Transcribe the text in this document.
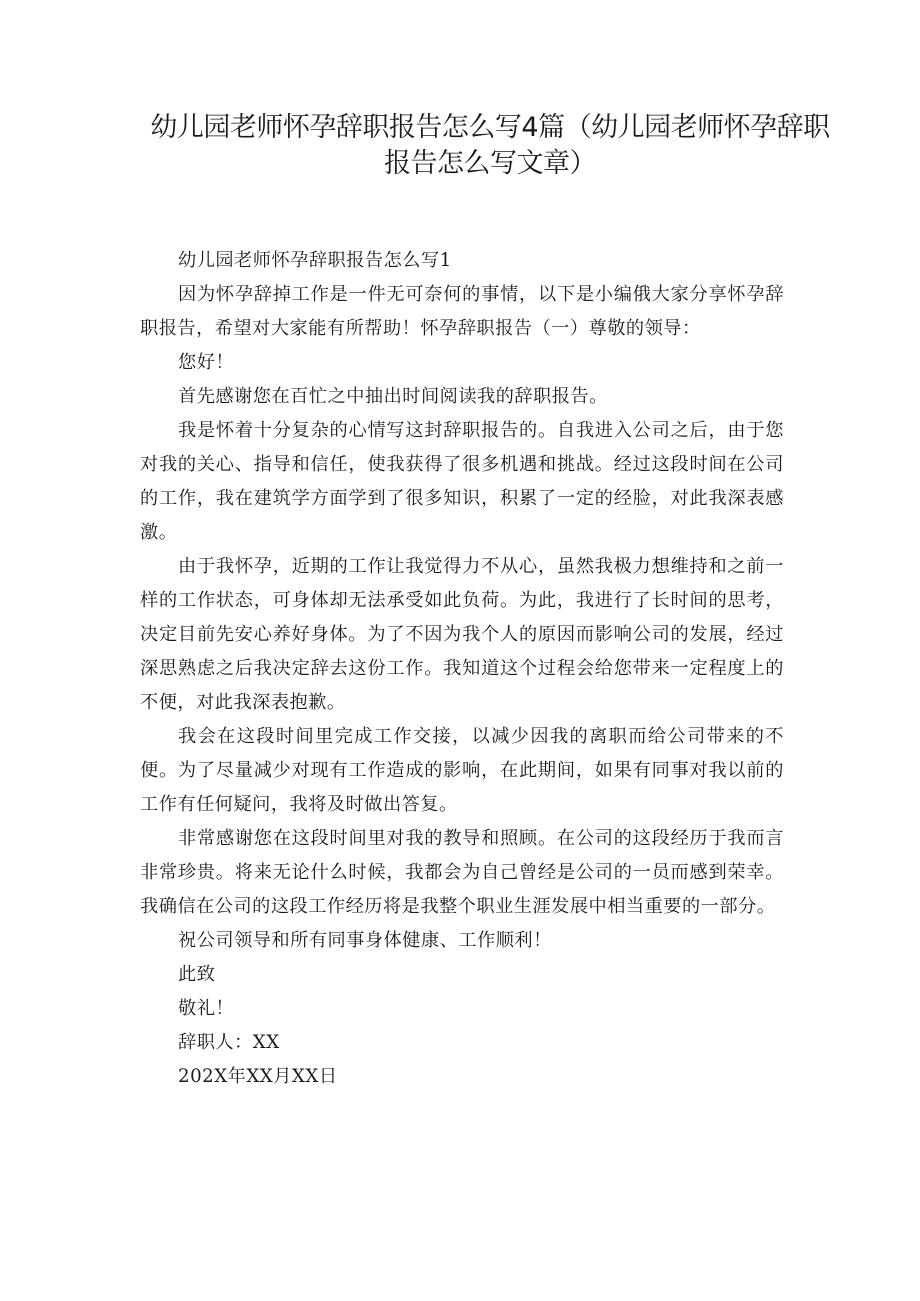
幼儿园老师怀孕辞职报告怎么写4篇（幼儿园老师怀孕辞职报告怎么写文章）

幼儿园老师怀孕辞职报告怎么写1

因为怀孕辞掉工作是一件无可奈何的事情，以下是小编俄大家分享怀孕辞职报告，希望对大家能有所帮助！怀孕辞职报告（一）尊敬的领导：

您好！

首先感谢您在百忙之中抽出时间阅读我的辞职报告。

我是怀着十分复杂的心情写这封辞职报告的。自我进入公司之后，由于您对我的关心、指导和信任，使我获得了很多机遇和挑战。经过这段时间在公司的工作，我在建筑学方面学到了很多知识，积累了一定的经脸，对此我深表感激。

由于我怀孕，近期的工作让我觉得力不从心，虽然我极力想维持和之前一样的工作状态，可身体却无法承受如此负荷。为此，我进行了长时间的思考，决定目前先安心养好身体。为了不因为我个人的原因而影响公司的发展，经过深思熟虑之后我决定辞去这份工作。我知道这个过程会给您带来一定程度上的不便，对此我深表抱歉。

我会在这段时间里完成工作交接，以减少因我的离职而给公司带来的不便。为了尽量减少对现有工作造成的影响，在此期间，如果有同事对我以前的工作有任何疑问，我将及时做出答复。

非常感谢您在这段时间里对我的教导和照顾。在公司的这段经历于我而言非常珍贵。将来无论什么时候，我都会为自己曾经是公司的一员而感到荣幸。我确信在公司的这段工作经历将是我整个职业生涯发展中相当重要的一部分。

祝公司领导和所有同事身体健康、工作顺利！

此致

敬礼！

辞职人：XX

202X年XX月XX日
